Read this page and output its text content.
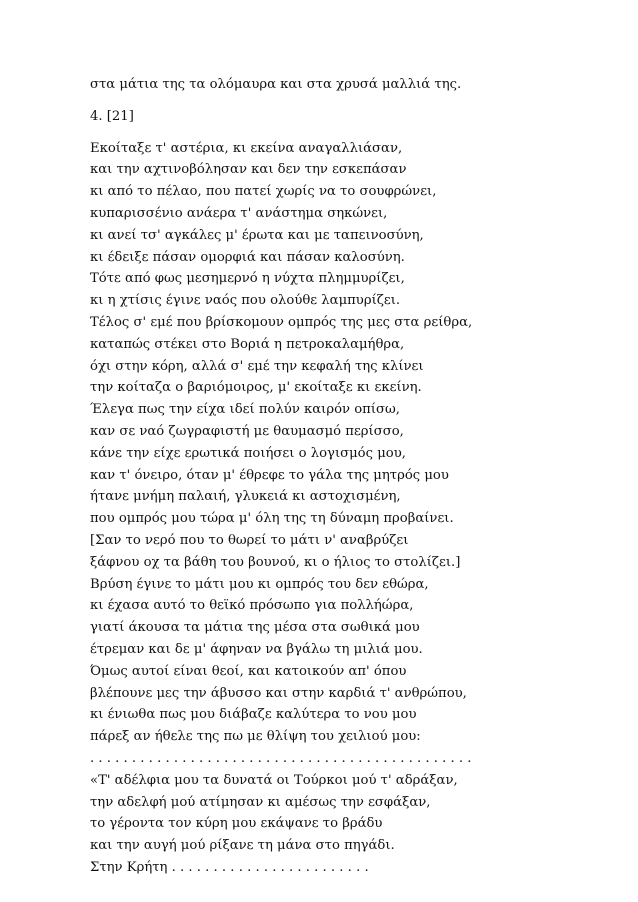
στα μάτια της τα ολόμαυρα και στα χρυσά μαλλιά της.
4. [21]
Εκοίταξε τ' αστέρια, κι εκείνα αναγαλλιάσαν,
και την αχτινοβόλησαν και δεν την εσκεπάσαν
κι από το πέλαο, που πατεί χωρίς να το σουφρώνει,
κυπαρισσένιο ανάερα τ' ανάστημα σηκώνει,
κι ανεί τσ' αγκάλες μ' έρωτα και με ταπεινοσύνη,
κι έδειξε πάσαν ομορφιά και πάσαν καλοσύνη.
Τότε από φως μεσημερνό η νύχτα πλημμυρίζει,
κι η χτίσις έγινε ναός που ολούθε λαμπυρίζει.
Τέλος σ' εμέ που βρίσκομουν ομπρός της μες στα ρείθρα,
καταπώς στέκει στο Βοριά η πετροκαλαμήθρα,
όχι στην κόρη, αλλά σ' εμέ την κεφαλή της κλίνει
την κοίταζα ο βαριόμοιρος, μ' εκοίταξε κι εκείνη.
Έλεγα πως την είχα ιδεί πολύν καιρόν οπίσω,
καν σε ναό ζωγραφιστή με θαυμασμό περίσσο,
κάνε την είχε ερωτικά ποιήσει ο λογισμός μου,
καν τ' όνειρο, όταν μ' έθρεφε το γάλα της μητρός μου
ήτανε μνήμη παλαιή, γλυκειά κι αστοχισμένη,
που ομπρός μου τώρα μ' όλη της τη δύναμη προβαίνει.
[Σαν το νερό που το θωρεί το μάτι ν' αναβρύζει
ξάφνου οχ τα βάθη του βουνού, κι ο ήλιος το στολίζει.]
Βρύση έγινε το μάτι μου κι ομπρός του δεν εθώρα,
κι έχασα αυτό το θεϊκό πρόσωπο για πολλήώρα,
γιατί άκουσα τα μάτια της μέσα στα σωθικά μου
έτρεμαν και δε μ' άφηναν να βγάλω τη μιλιά μου.
Όμως αυτοί είναι θεοί, και κατοικούν απ' όπου
βλέπουνε μες την άβυσσο και στην καρδιά τ' ανθρώπου,
κι ένιωθα πως μου διάβαζε καλύτερα το νου μου
πάρεξ αν ήθελε της πω με θλίψη του χειλιού μου:
. . . . . . . . . . . . . . . . . . . . . . . . . . . . . . . . . . . . . . . . . . . . . .
«Τ' αδέλφια μου τα δυνατά οι Τούρκοι μού τ' αδράξαν,
την αδελφή μού ατίμησαν κι αμέσως την εσφάξαν,
το γέροντα τον κύρη μου εκάψανε το βράδυ
και την αυγή μού ρίξανε τη μάνα στο πηγάδι.
Στην Κρήτη . . . . . . . . . . . . . . . . . . . . . . . .
